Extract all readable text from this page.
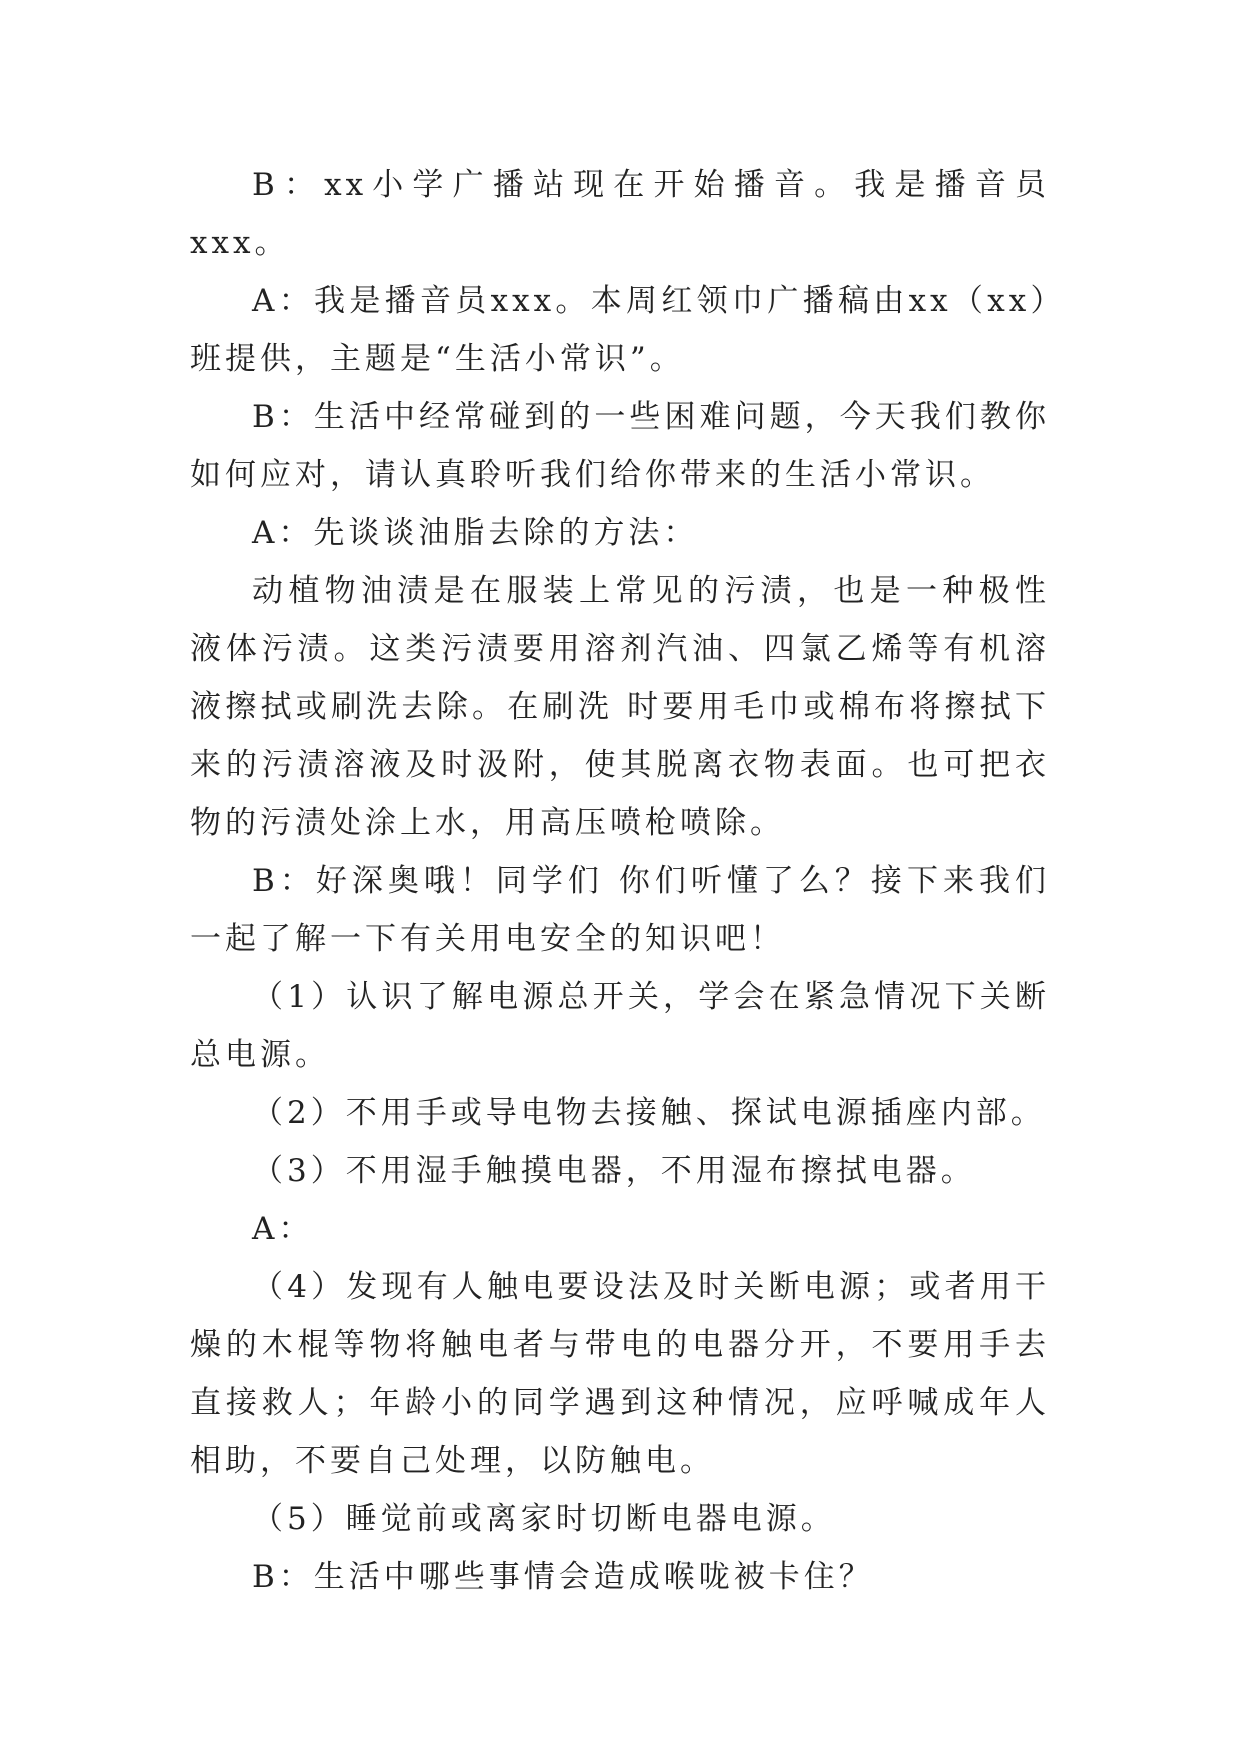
B：xx小学广播站现在开始播音。我是播音员xxx。

A：我是播音员xxx。本周红领巾广播稿由xx（xx）班提供，主题是“生活小常识”。

B：生活中经常碰到的一些困难问题，今天我们教你如何应对，请认真聆听我们给你带来的生活小常识。

A：先谈谈油脂去除的方法：

动植物油渍是在服装上常见的污渍，也是一种极性液体污渍。这类污渍要用溶剂汽油、四氯乙烯等有机溶液擦拭或刷洗去除。在刷洗 时要用毛巾或棉布将擦拭下来的污渍溶液及时汲附，使其脱离衣物表面。也可把衣物的污渍处涂上水，用高压喷枪喷除。

B：好深奥哦！同学们 你们听懂了么？接下来我们一起了解一下有关用电安全的知识吧！

（1）认识了解电源总开关，学会在紧急情况下关断总电源。

（2）不用手或导电物去接触、探试电源插座内部。

（3）不用湿手触摸电器，不用湿布擦拭电器。

A：

（4）发现有人触电要设法及时关断电源；或者用干燥的木棍等物将触电者与带电的电器分开，不要用手去直接救人；年龄小的同学遇到这种情况，应呼喊成年人相助，不要自己处理，以防触电。

（5）睡觉前或离家时切断电器电源。

B：生活中哪些事情会造成喉咙被卡住？
